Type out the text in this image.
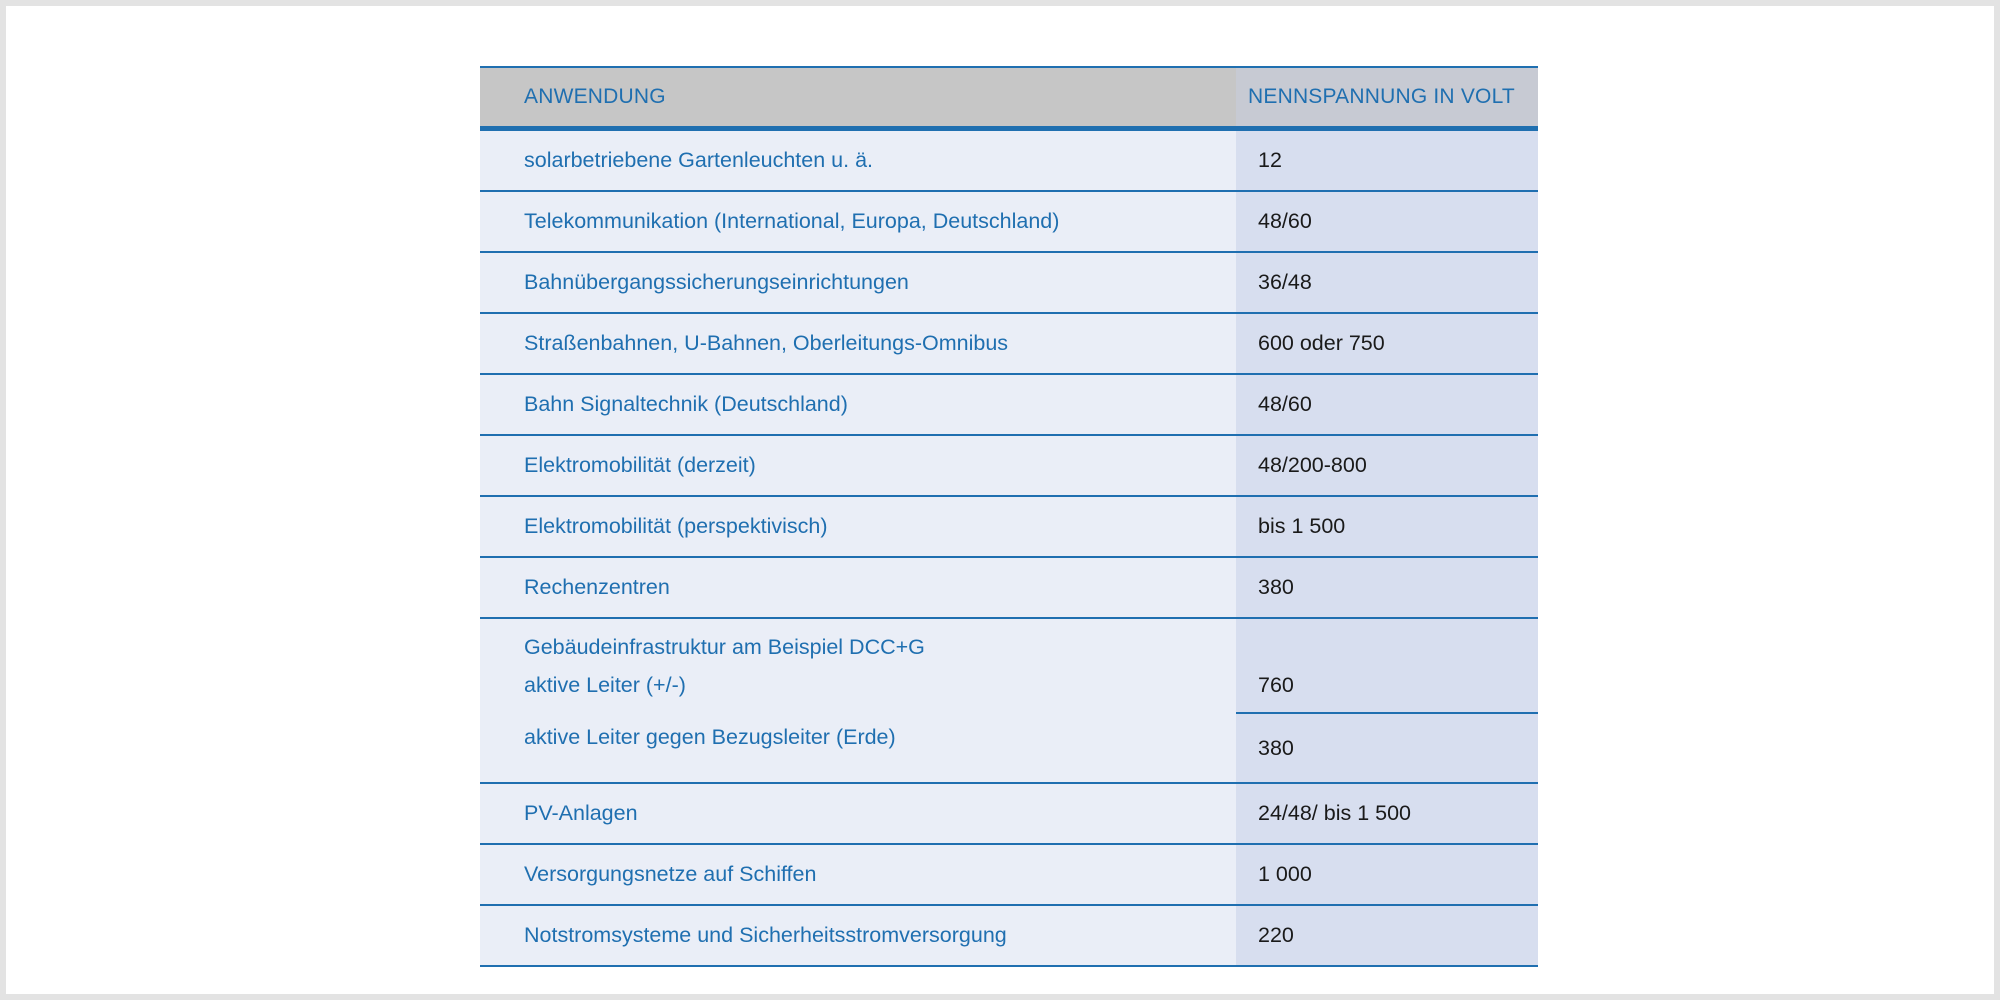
ANWENDUNG	NENNSPANNUNG IN VOLT
solarbetriebene Gartenleuchten u. ä.	12
Telekommunikation (International, Europa, Deutschland)	48/60
Bahnübergangssicherungseinrichtungen	36/48
Straßenbahnen, U-Bahnen, Oberleitungs-Omnibus	600 oder 750
Bahn Signaltechnik (Deutschland)	48/60
Elektromobilität (derzeit)	48/200-800
Elektromobilität (perspektivisch)	bis 1 500
Rechenzentren	380

Gebäudeinfrastruktur am Beispiel DCC+G
aktive Leiter (+/-)	760
aktive Leiter gegen Bezugsleiter (Erde)	380
PV-Anlagen	24/48/ bis 1 500
Versorgungsnetze auf Schiffen	1 000
Notstromsysteme und Sicherheitsstromversorgung	220
